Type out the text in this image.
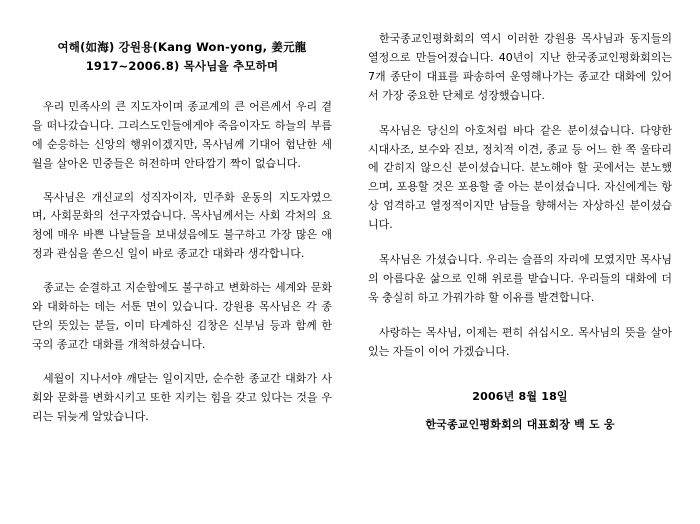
여해(如海) 강원용(Kang Won-yong, 姜元龍
1917~2006.8) 목사님을 추모하며

우리 민족사의 큰 지도자이며 종교계의 큰 어른께서 우리 곁을 떠나갔습니다. 그리스도인들에게야 죽음이자도 하늘의 부름에 순응하는 신앙의 행위이겠지만, 목사님께 기대어 험난한 세월을 살아온 민중들은 허전하며 안타깝기 짝이 없습니다.

목사님은 개신교의 성직자이자, 민주화 운동의 지도자였으며, 사회문화의 선구자였습니다. 목사님께서는 사회 각처의 요청에 매우 바쁜 나날들을 보내셨음에도 불구하고 가장 많은 애정과 관심을 쏟으신 일이 바로 종교간 대화라 생각합니다.

종교는 순결하고 지순함에도 불구하고 변화하는 세계와 문화와 대화하는 데는 서툰 면이 있습니다. 강원용 목사님은 각 종단의 뜻있는 분들, 이미 타계하신 김창은 신부님 등과 함께 한국의 종교간 대화를 개척하셨습니다.

세월이 지나서야 깨닫는 일이지만, 순수한 종교간 대화가 사회와 문화를 변화시키고 또한 지키는 힘을 갖고 있다는 것을 우리는 뒤늦게 알았습니다.

한국종교인평화회의 역시 이러한 강원용 목사님과 동지들의 열정으로 만들어졌습니다. 40년이 지난 한국종교인평화회의는 7개 종단이 대표를 파송하여 운영해나가는 종교간 대화에 있어서 가장 중요한 단체로 성장했습니다.

목사님은 당신의 아호처럼 바다 같은 분이셨습니다. 다양한 시대사조, 보수와 진보, 정치적 이견, 종교 등 어느 한 쪽 울타리에 갇히지 않으신 분이셨습니다. 분노해야 할 곳에서는 분노했으며, 포용할 것은 포용할 줄 아는 분이셨습니다. 자신에게는 항상 엄격하고 열정적이지만 남들을 향해서는 자상하신 분이셨습니다.

목사님은 가셨습니다. 우리는 슬픔의 자리에 모였지만 목사님의 아름다운 삶으로 인해 위로를 받습니다. 우리들의 대화에 더욱 충실히 하고 가꿔가햐 할 이유를 발견합니다.

사랑하는 목사님, 이제는 편히 쉬십시오. 목사님의 뜻을 살아있는 자들이 이어 가겠습니다.

2006년 8월 18일
한국종교인평화회의 대표회장 백 도 웅
